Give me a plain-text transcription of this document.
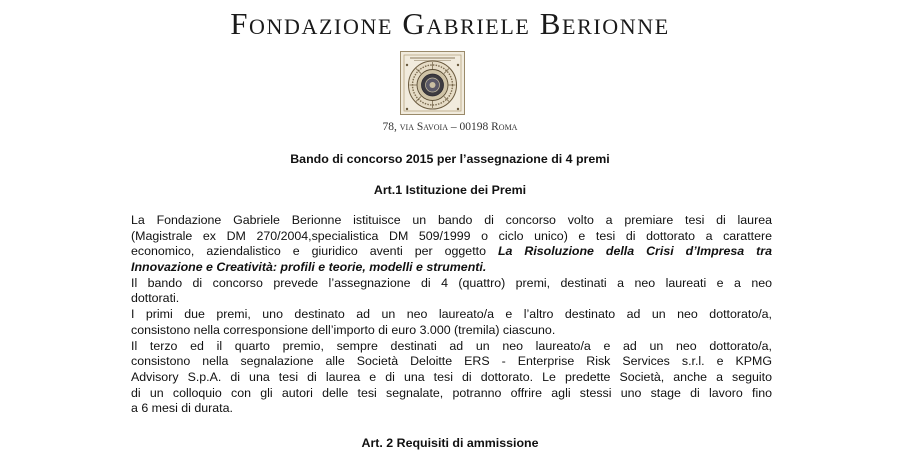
Fondazione Gabriele Berionne
78, via Savoia – 00198 Roma
Bando di concorso 2015 per l’assegnazione di 4 premi
Art.1 Istituzione dei Premi
La Fondazione Gabriele Berionne istituisce un bando di concorso volto a premiare tesi di laurea
(Magistrale ex DM 270/2004,specialistica DM 509/1999 o ciclo unico) e tesi di dottorato a carattere
economico, aziendalistico e giuridico aventi per oggetto La Risoluzione della Crisi d’Impresa tra
Innovazione e Creatività: profili e teorie, modelli e strumenti.
Il bando di concorso prevede l’assegnazione di 4 (quattro) premi, destinati a neo laureati e a neo
dottorati.
I primi due premi, uno destinato ad un neo laureato/a e l’altro destinato ad un neo dottorato/a,
consistono nella corresponsione dell’importo di euro 3.000 (tremila) ciascuno.
Il terzo ed il quarto premio, sempre destinati ad un neo laureato/a e ad un neo dottorato/a,
consistono nella segnalazione alle Società Deloitte ERS - Enterprise Risk Services s.r.l. e KPMG
Advisory S.p.A. di una tesi di laurea e di una tesi di dottorato. Le predette Società, anche a seguito
di un colloquio con gli autori delle tesi segnalate, potranno offrire agli stessi uno stage di lavoro fino
a 6 mesi di durata.
Art. 2 Requisiti di ammissione
